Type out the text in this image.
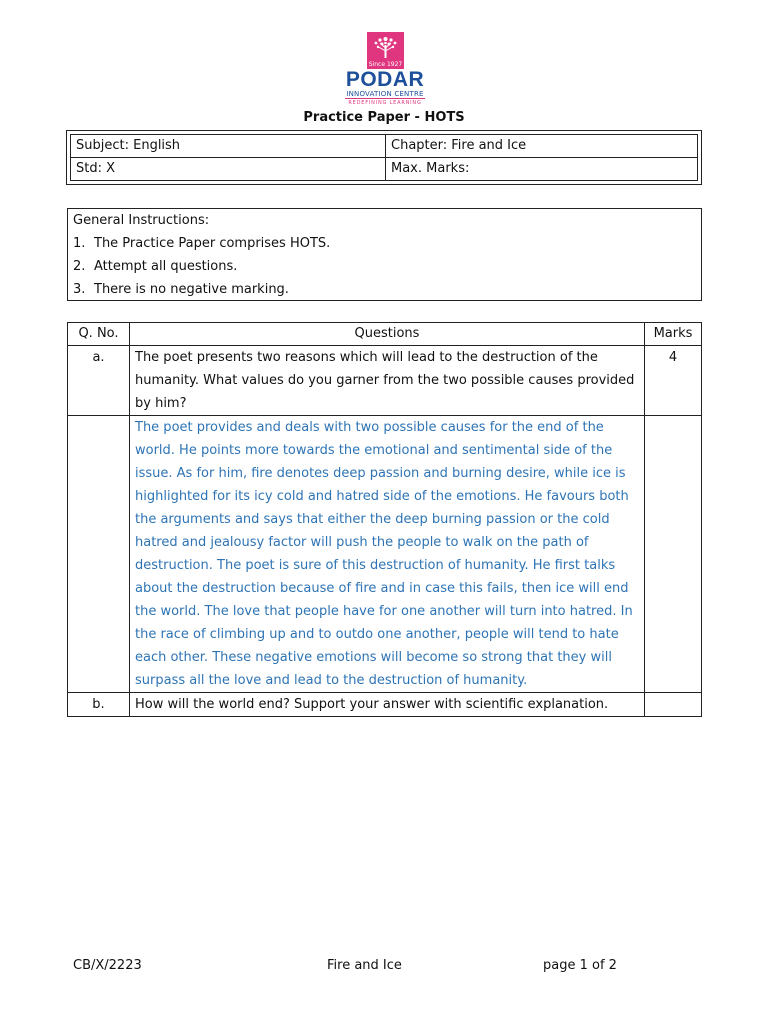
Since 1927
PODAR
INNOVATION CENTRE
REDEFINING LEARNING
Practice Paper - HOTS
Subject: English	Chapter: Fire and Ice
Std: X	Max. Marks:
General Instructions:
1. The Practice Paper comprises HOTS.
2. Attempt all questions.
3. There is no negative marking.
Q. No.	Questions	Marks
a.	The poet presents two reasons which will lead to the destruction of the humanity. What values do you garner from the two possible causes provided by him?	4
	The poet provides and deals with two possible causes for the end of the world. He points more towards the emotional and sentimental side of the issue. As for him, fire denotes deep passion and burning desire, while ice is highlighted for its icy cold and hatred side of the emotions. He favours both the arguments and says that either the deep burning passion or the cold hatred and jealousy factor will push the people to walk on the path of destruction. The poet is sure of this destruction of humanity. He first talks about the destruction because of fire and in case this fails, then ice will end the world. The love that people have for one another will turn into hatred. In the race of climbing up and to outdo one another, people will tend to hate each other. These negative emotions will become so strong that they will surpass all the love and lead to the destruction of humanity.	
b.	How will the world end? Support your answer with scientific explanation.	
CB/X/2223	Fire and Ice	page 1 of 2
